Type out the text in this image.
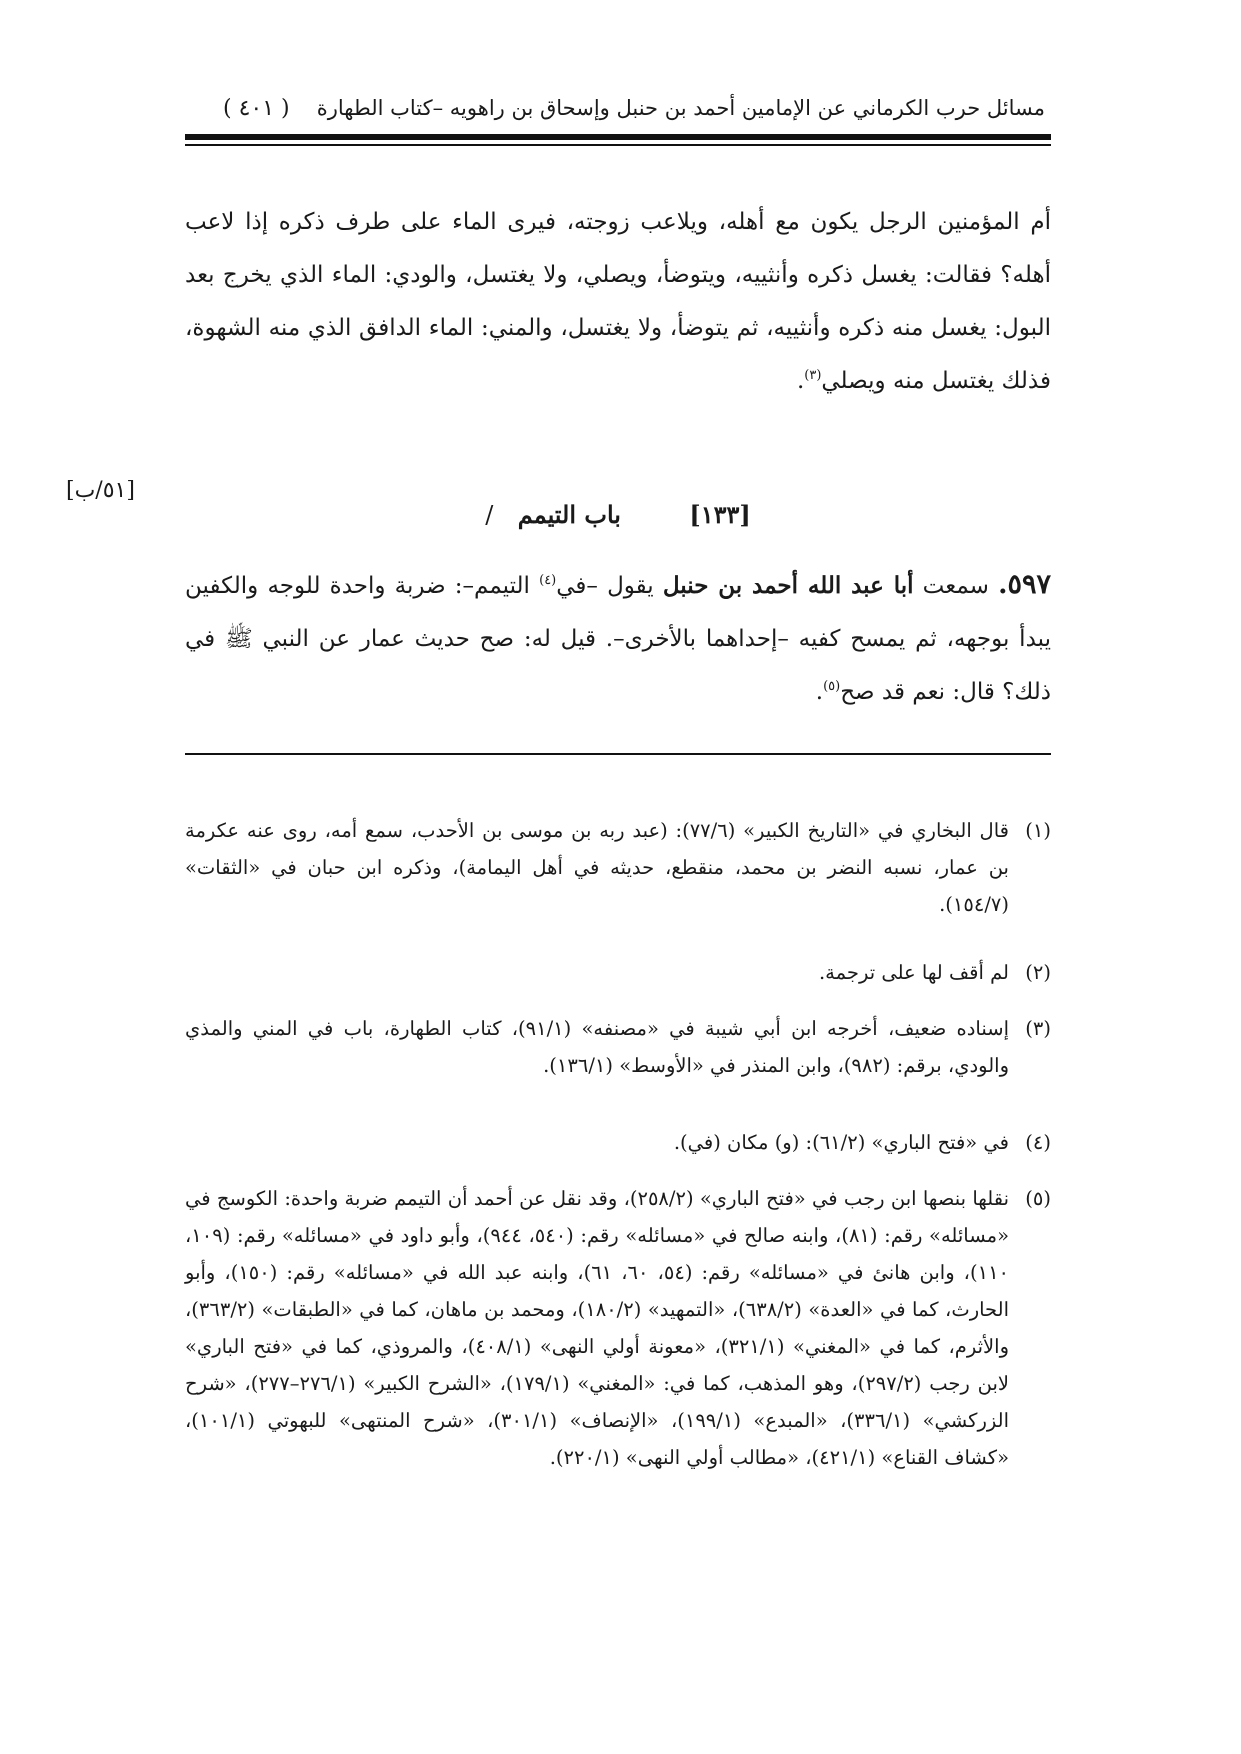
مسائل حرب الكرماني عن الإمامين أحمد بن حنبل وإسحاق بن راهويه –كتاب الطهارة
( ٤٠١ )
أم المؤمنين الرجل يكون مع أهله، ويلاعب زوجته، فيرى الماء على طرف ذكره إذا لاعب أهله؟ فقالت: يغسل ذكره وأنثييه، ويتوضأ، ويصلي، ولا يغتسل، والودي: الماء الذي يخرج بعد البول: يغسل منه ذكره وأنثييه، ثم يتوضأ، ولا يغتسل، والمني: الماء الدافق الذي منه الشهوة، فذلك يغتسل منه ويصلي$^{(٣)}$.
[٥١/ب]
[١٣٣] باب التيمم /
٥٩٧. سمعت أبا عبد الله أحمد بن حنبل يقول –في$^{(٤)}$ التيمم–: ضربة واحدة للوجه والكفين يبدأ بوجهه، ثم يمسح كفيه –إحداهما بالأخرى–. قيل له: صح حديث عمار عن النبي ﷺ في ذلك؟ قال: نعم قد صح$^{(٥)}$.

(١)
قال البخاري في «التاريخ الكبير» (٧٧/٦): (عبد ربه بن موسى بن الأحدب، سمع أمه، روى عنه عكرمة بن عمار، نسبه النضر بن محمد، منقطع، حديثه في أهل اليمامة)، وذكره ابن حبان في «الثقات» (١٥٤/٧).

(٢)
لم أقف لها على ترجمة.

(٣)
إسناده ضعيف، أخرجه ابن أبي شيبة في «مصنفه» (٩١/١)، كتاب الطهارة، باب في المني والمذي والودي، برقم: (٩٨٢)، وابن المنذر في «الأوسط» (١٣٦/١).

(٤)
في «فتح الباري» (٦١/٢): (و) مكان (في).

(٥)
نقلها بنصها ابن رجب في «فتح الباري» (٢٥٨/٢)، وقد نقل عن أحمد أن التيمم ضربة واحدة: الكوسج في «مسائله» رقم: (٨١)، وابنه صالح في «مسائله» رقم: (٥٤٠، ٩٤٤)، وأبو داود في «مسائله» رقم: (١٠٩، ١١٠)، وابن هانئ في «مسائله» رقم: (٥٤، ٦٠، ٦١)، وابنه عبد الله في «مسائله» رقم: (١٥٠)، وأبو الحارث، كما في «العدة» (٦٣٨/٢)، «التمهيد» (١٨٠/٢)، ومحمد بن ماهان، كما في «الطبقات» (٣٦٣/٢)، والأثرم، كما في «المغني» (٣٢١/١)، «معونة أولي النهى» (٤٠٨/١)، والمروذي، كما في «فتح الباري» لابن رجب (٢٩٧/٢)، وهو المذهب، كما في: «المغني» (١٧٩/١)، «الشرح الكبير» (٢٧٦/١–٢٧٧)، «شرح الزركشي» (٣٣٦/١)، «المبدع» (١٩٩/١)، «الإنصاف» (٣٠١/١)، «شرح المنتهى» للبهوتي (١٠١/١)، «كشاف القناع» (٤٢١/١)، «مطالب أولي النهى» (٢٢٠/١).
